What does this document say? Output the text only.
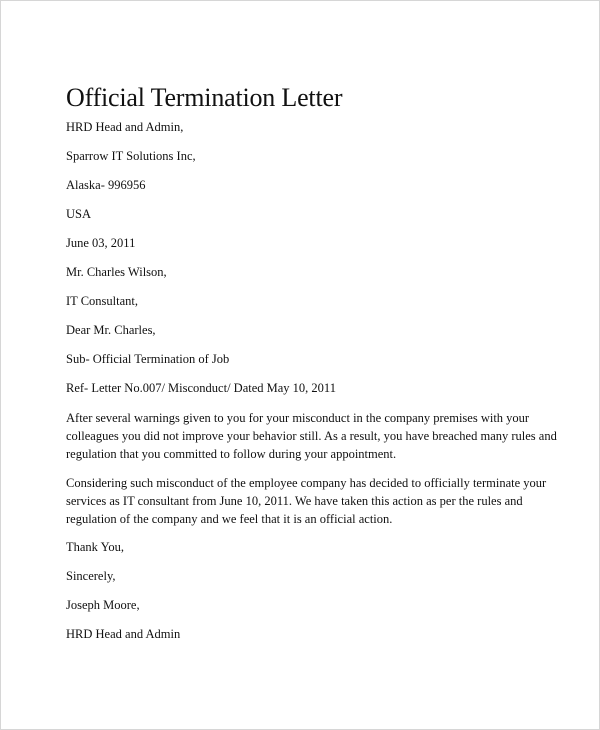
Official Termination Letter
HRD Head and Admin,
Sparrow IT Solutions Inc,
Alaska- 996956
USA
June 03, 2011
Mr. Charles Wilson,
IT Consultant,
Dear Mr. Charles,
Sub- Official Termination of Job
Ref- Letter No.007/ Misconduct/ Dated May 10, 2011

After several warnings given to you for your misconduct in the company premises with your colleagues you did not improve your behavior still. As a result, you have breached many rules and regulation that you committed to follow during your appointment.

Considering such misconduct of the employee company has decided to officially terminate your services as IT consultant from June 10, 2011. We have taken this action as per the rules and regulation of the company and we feel that it is an official action.

Thank You,
Sincerely,
Joseph Moore,
HRD Head and Admin
